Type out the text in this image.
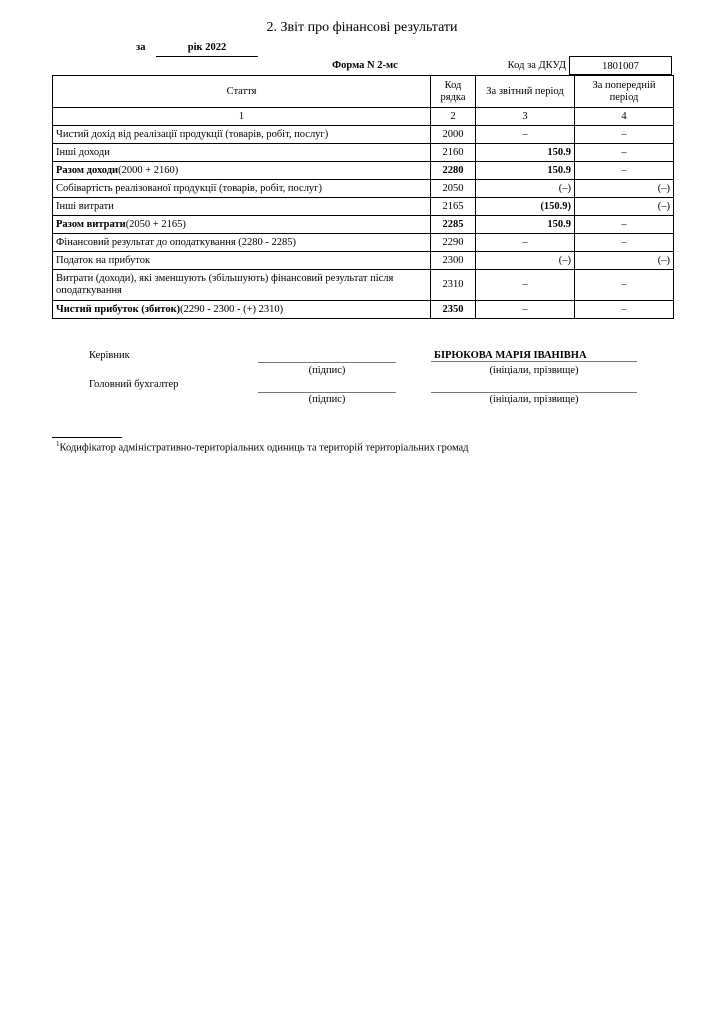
2. Звіт про фінансові результати
за	рік 2022
Форма N 2-мс	Код за ДКУД	1801007
Стаття	Код рядка	За звітний період	За попередній період
1	2	3	4
Чистий дохід від реалізації продукції (товарів, робіт, послуг)	2000	–	–
Інші доходи	2160	150.9	–
Разом доходи(2000 + 2160)	2280	150.9	–
Собівартість реалізованої продукції (товарів, робіт, послуг)	2050	(–)	(–)
Інші витрати	2165	(150.9)	(–)
Разом витрати(2050 + 2165)	2285	150.9	–
Фінансовий результат до оподаткування (2280 - 2285)	2290	–	–
Податок на прибуток	2300	(–)	(–)
Витрати (доходи), які зменшують (збільшують) фінансовий результат після оподаткування	2310	–	–
Чистий прибуток (збиток)(2290 - 2300 - (+) 2310)	2350	–	–
Керівник	БІРЮКОВА МАРІЯ ІВАНІВНА
(підпис)	(ініціали, прізвище)
Головний бухгалтер
(підпис)	(ініціали, прізвище)
$^1$Кодифікатор адміністративно-територіальних одиниць та територій територіальних громад
